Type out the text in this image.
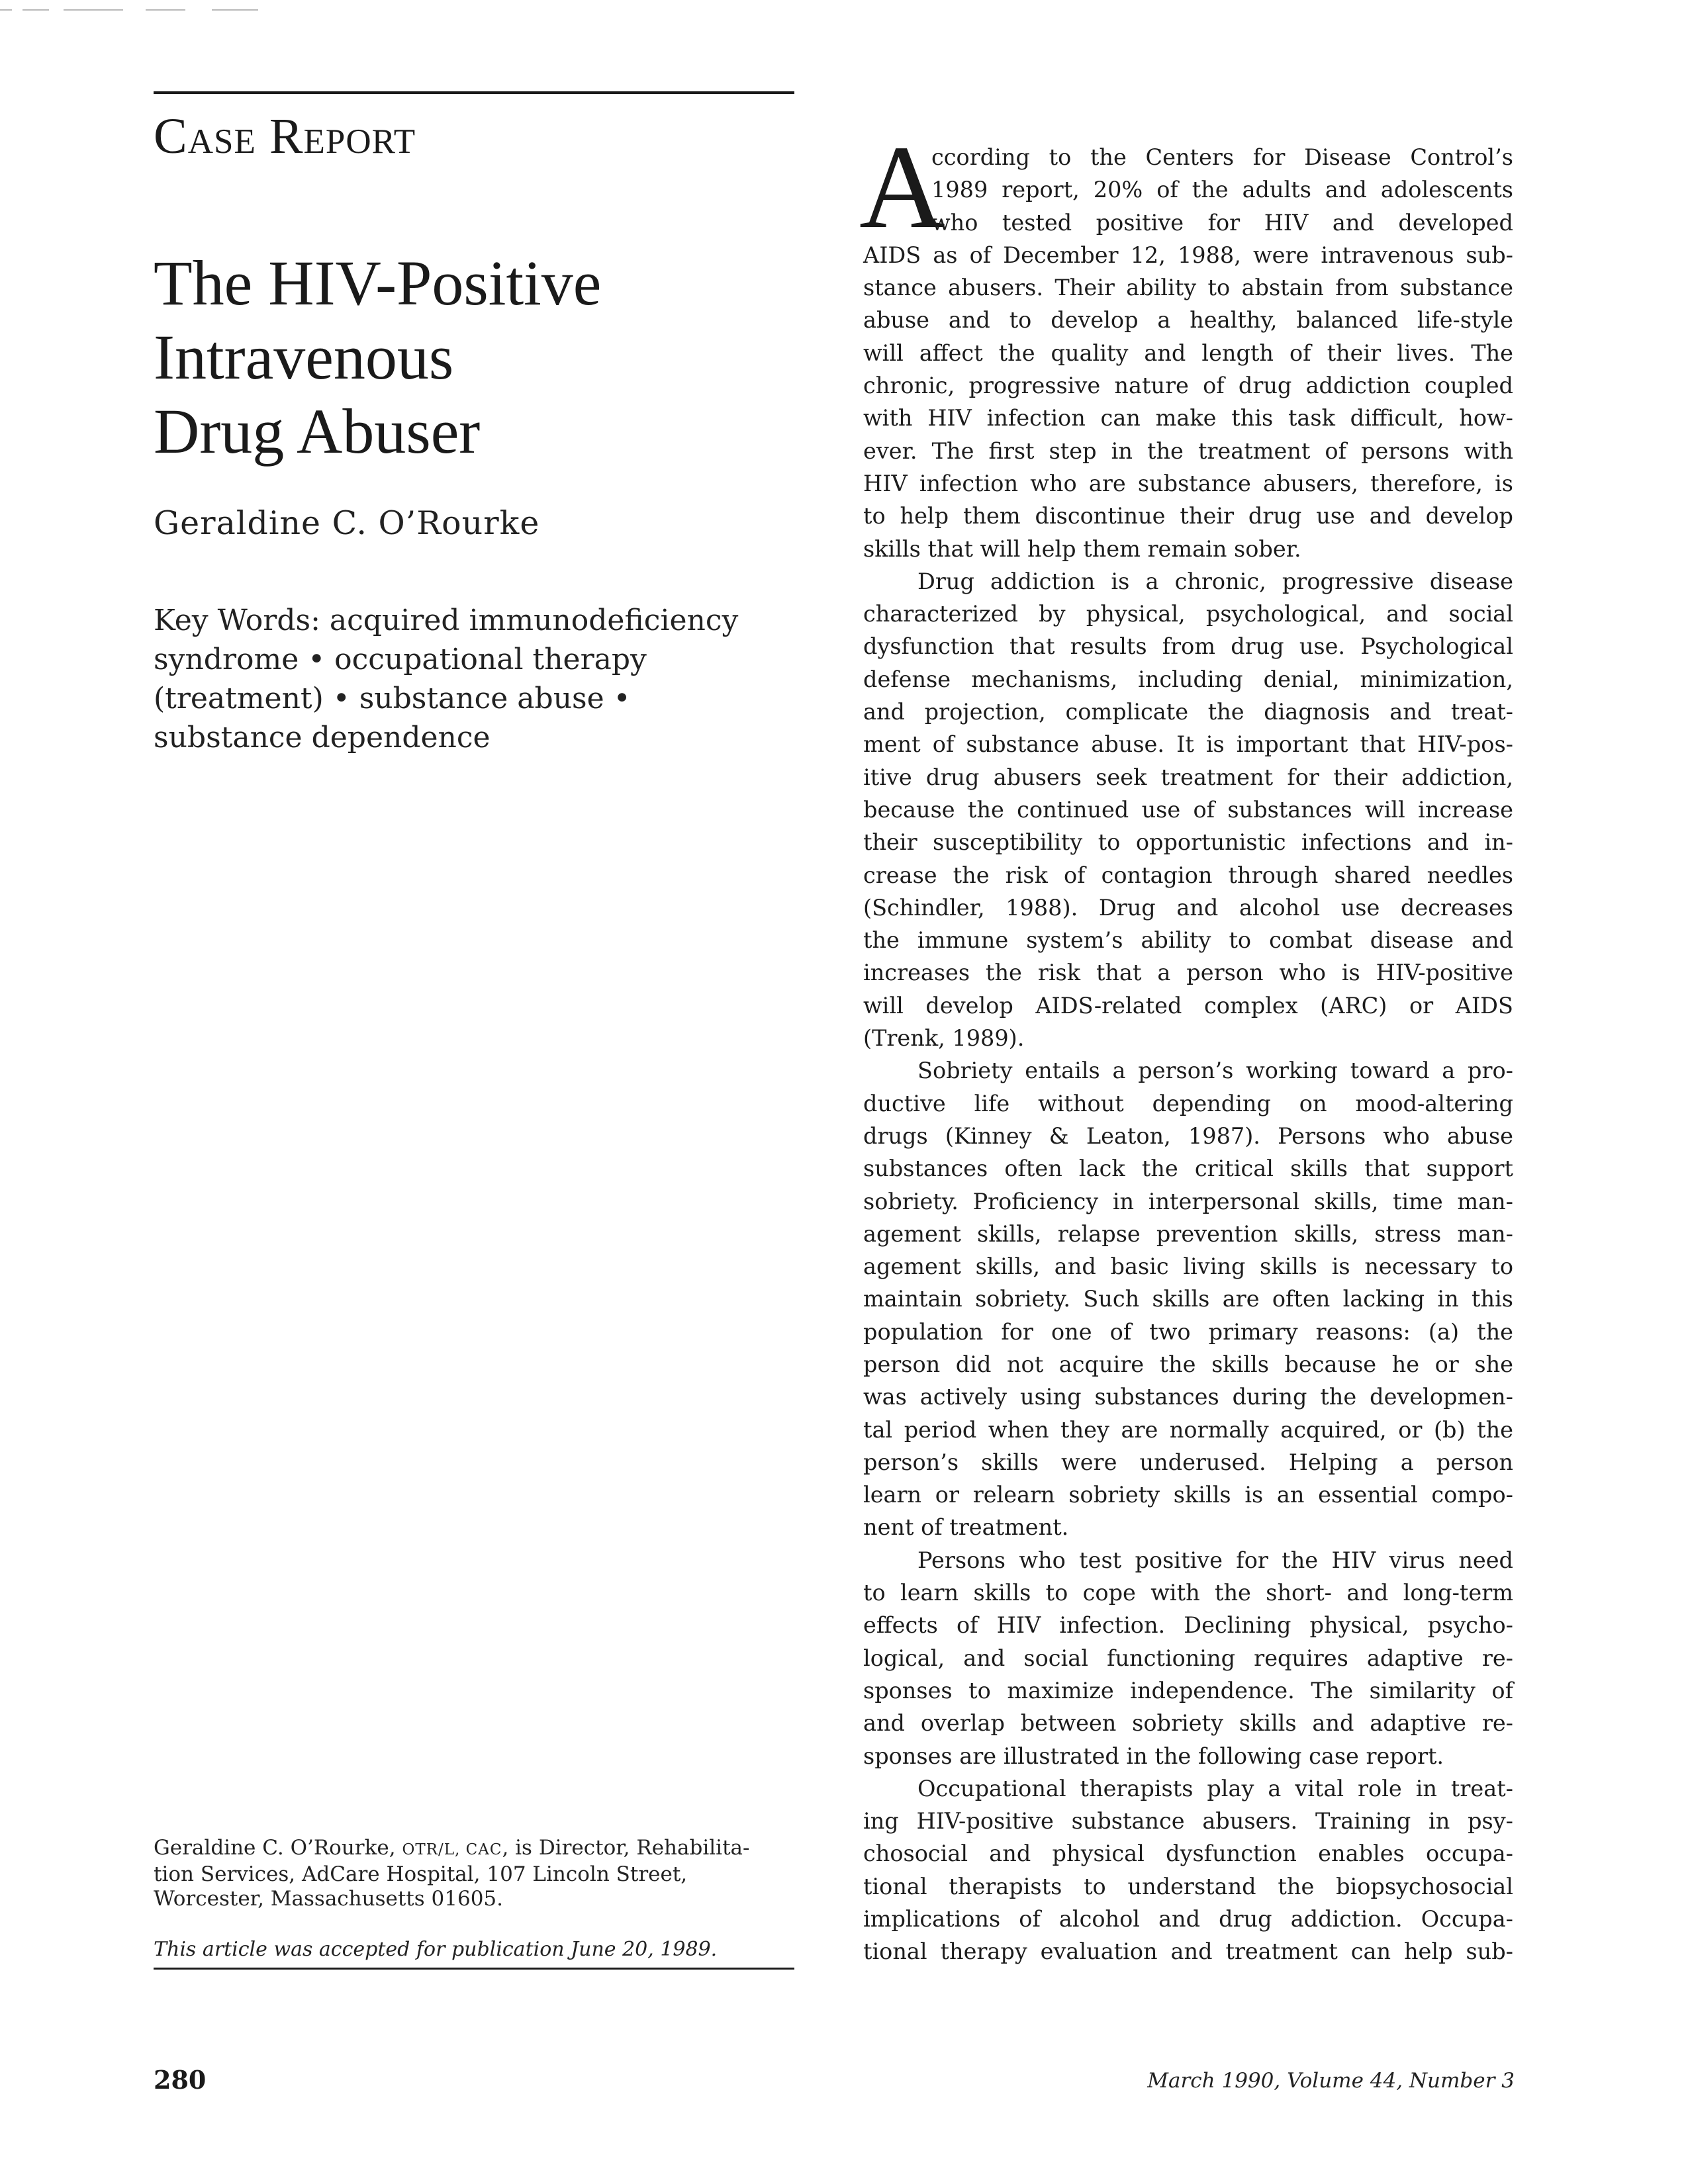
Case Report
The HIV-Positive
Intravenous
Drug Abuser
Geraldine C. O’Rourke
Key Words: acquired immunodeficiency
syndrome • occupational therapy
(treatment) • substance abuse •
substance dependence
Geraldine C. O’Rourke, OTR/L, CAC, is Director, Rehabilita-
tion Services, AdCare Hospital, 107 Lincoln Street,
Worcester, Massachusetts 01605.
This article was accepted for publication June 20, 1989.
A
ccording to the Centers for Disease Control’s
1989 report, 20% of the adults and adolescents
who tested positive for HIV and developed
AIDS as of December 12, 1988, were intravenous sub-
stance abusers. Their ability to abstain from substance
abuse and to develop a healthy, balanced life-style
will affect the quality and length of their lives. The
chronic, progressive nature of drug addiction coupled
with HIV infection can make this task difficult, how-
ever. The first step in the treatment of persons with
HIV infection who are substance abusers, therefore, is
to help them discontinue their drug use and develop
skills that will help them remain sober.
Drug addiction is a chronic, progressive disease
characterized by physical, psychological, and social
dysfunction that results from drug use. Psychological
defense mechanisms, including denial, minimization,
and projection, complicate the diagnosis and treat-
ment of substance abuse. It is important that HIV-pos-
itive drug abusers seek treatment for their addiction,
because the continued use of substances will increase
their susceptibility to opportunistic infections and in-
crease the risk of contagion through shared needles
(Schindler, 1988). Drug and alcohol use decreases
the immune system’s ability to combat disease and
increases the risk that a person who is HIV-positive
will develop AIDS-related complex (ARC) or AIDS
(Trenk, 1989).
Sobriety entails a person’s working toward a pro-
ductive life without depending on mood-altering
drugs (Kinney & Leaton, 1987). Persons who abuse
substances often lack the critical skills that support
sobriety. Proficiency in interpersonal skills, time man-
agement skills, relapse prevention skills, stress man-
agement skills, and basic living skills is necessary to
maintain sobriety. Such skills are often lacking in this
population for one of two primary reasons: (a) the
person did not acquire the skills because he or she
was actively using substances during the developmen-
tal period when they are normally acquired, or (b) the
person’s skills were underused. Helping a person
learn or relearn sobriety skills is an essential compo-
nent of treatment.
Persons who test positive for the HIV virus need
to learn skills to cope with the short- and long-term
effects of HIV infection. Declining physical, psycho-
logical, and social functioning requires adaptive re-
sponses to maximize independence. The similarity of
and overlap between sobriety skills and adaptive re-
sponses are illustrated in the following case report.
Occupational therapists play a vital role in treat-
ing HIV-positive substance abusers. Training in psy-
chosocial and physical dysfunction enables occupa-
tional therapists to understand the biopsychosocial
implications of alcohol and drug addiction. Occupa-
tional therapy evaluation and treatment can help sub-
280	March 1990, Volume 44, Number 3
